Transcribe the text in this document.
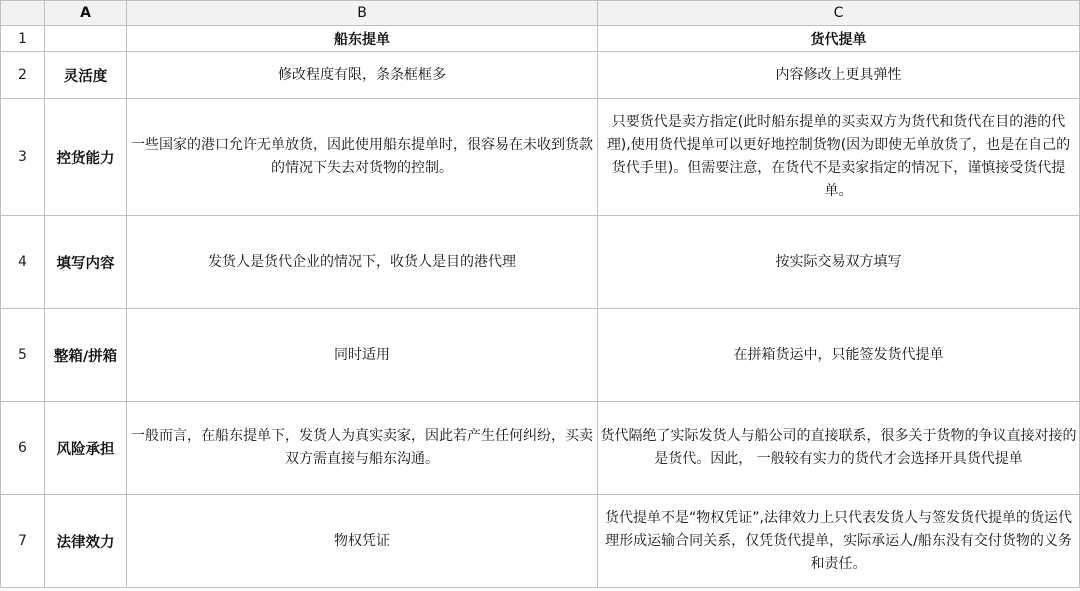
	A	B	C
1		船东提单	货代提单
2	灵活度	修改程度有限，条条框框多	内容修改上更具弹性
3	控货能力	一些国家的港口允许无单放货，因此使用船东提单时，很容易在未收到货款的情况下失去对货物的控制。	只要货代是卖方指定(此时船东提单的买卖双方为货代和货代在目的港的代理),使用货代提单可以更好地控制货物(因为即使无单放货了，也是在自己的货代手里)。但需要注意，在货代不是卖家指定的情况下，谨慎接受货代提单。
4	填写内容	发货人是货代企业的情况下，收货人是目的港代理	按实际交易双方填写
5	整箱/拼箱	同时适用	在拼箱货运中，只能签发货代提单
6	风险承担	一般而言，在船东提单下，发货人为真实卖家，因此若产生任何纠纷，买卖双方需直接与船东沟通。	货代隔绝了实际发货人与船公司的直接联系，很多关于货物的争议直接对接的是货代。因此， 一般较有实力的货代才会选择开具货代提单
7	法律效力	物权凭证	货代提单不是“物权凭证”,法律效力上只代表发货人与签发货代提单的货运代理形成运输合同关系，仅凭货代提单，实际承运人/船东没有交付货物的义务和责任。
